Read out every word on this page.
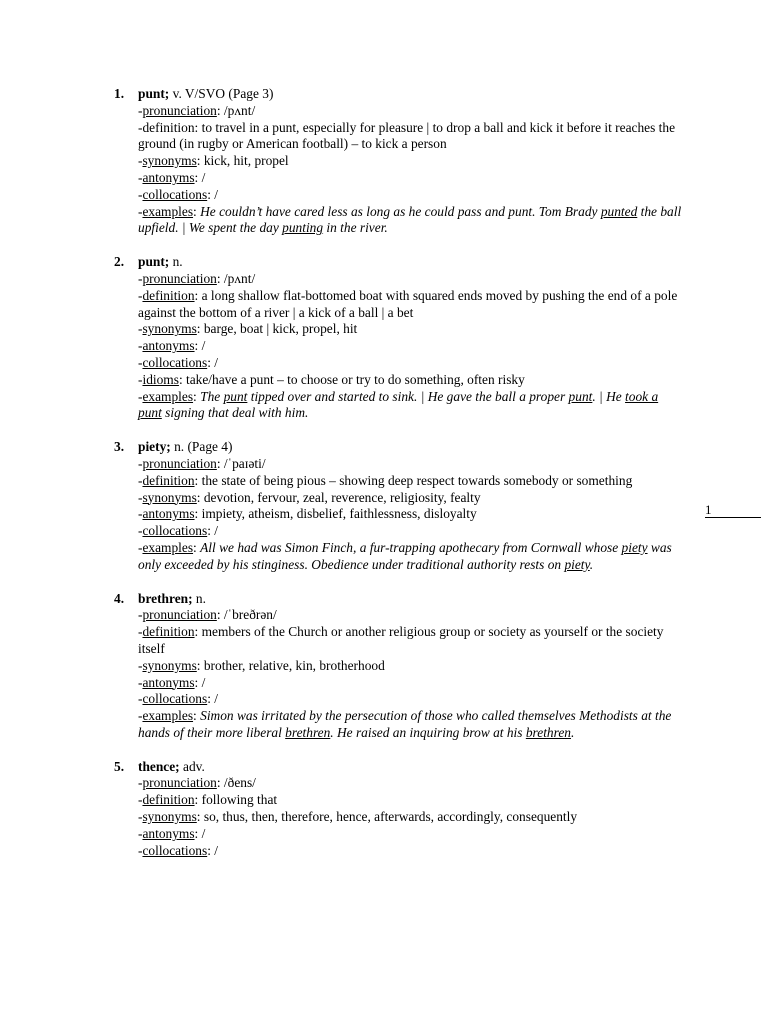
1. punt; v. V/SVO (Page 3)
-pronunciation: /pʌnt/
-definition: to travel in a punt, especially for pleasure | to drop a ball and kick it before it reaches the ground (in rugby or American football) – to kick a person
-synonyms: kick, hit, propel
-antonyms: /
-collocations: /
-examples: He couldn’t have cared less as long as he could pass and punt. Tom Brady punted the ball upfield. | We spent the day punting in the river.
2. punt; n.
-pronunciation: /pʌnt/
-definition: a long shallow flat-bottomed boat with squared ends moved by pushing the end of a pole against the bottom of a river | a kick of a ball | a bet
-synonyms: barge, boat | kick, propel, hit
-antonyms: /
-collocations: /
-idioms: take/have a punt – to choose or try to do something, often risky
-examples: The punt tipped over and started to sink. | He gave the ball a proper punt. | He took a punt signing that deal with him.
3. piety; n. (Page 4)
-pronunciation: /ˈpaɪəti/
-definition: the state of being pious – showing deep respect towards somebody or something
-synonyms: devotion, fervour, zeal, reverence, religiosity, fealty
-antonyms: impiety, atheism, disbelief, faithlessness, disloyalty
-collocations: /
-examples: All we had was Simon Finch, a fur-trapping apothecary from Cornwall whose piety was only exceeded by his stinginess. Obedience under traditional authority rests on piety.
4. brethren; n.
-pronunciation: /ˈbreðrən/
-definition: members of the Church or another religious group or society as yourself or the society itself
-synonyms: brother, relative, kin, brotherhood
-antonyms: /
-collocations: /
-examples: Simon was irritated by the persecution of those who called themselves Methodists at the hands of their more liberal brethren. He raised an inquiring brow at his brethren.
5. thence; adv.
-pronunciation: /ðens/
-definition: following that
-synonyms: so, thus, then, therefore, hence, afterwards, accordingly, consequently
-antonyms: /
-collocations: /
1
